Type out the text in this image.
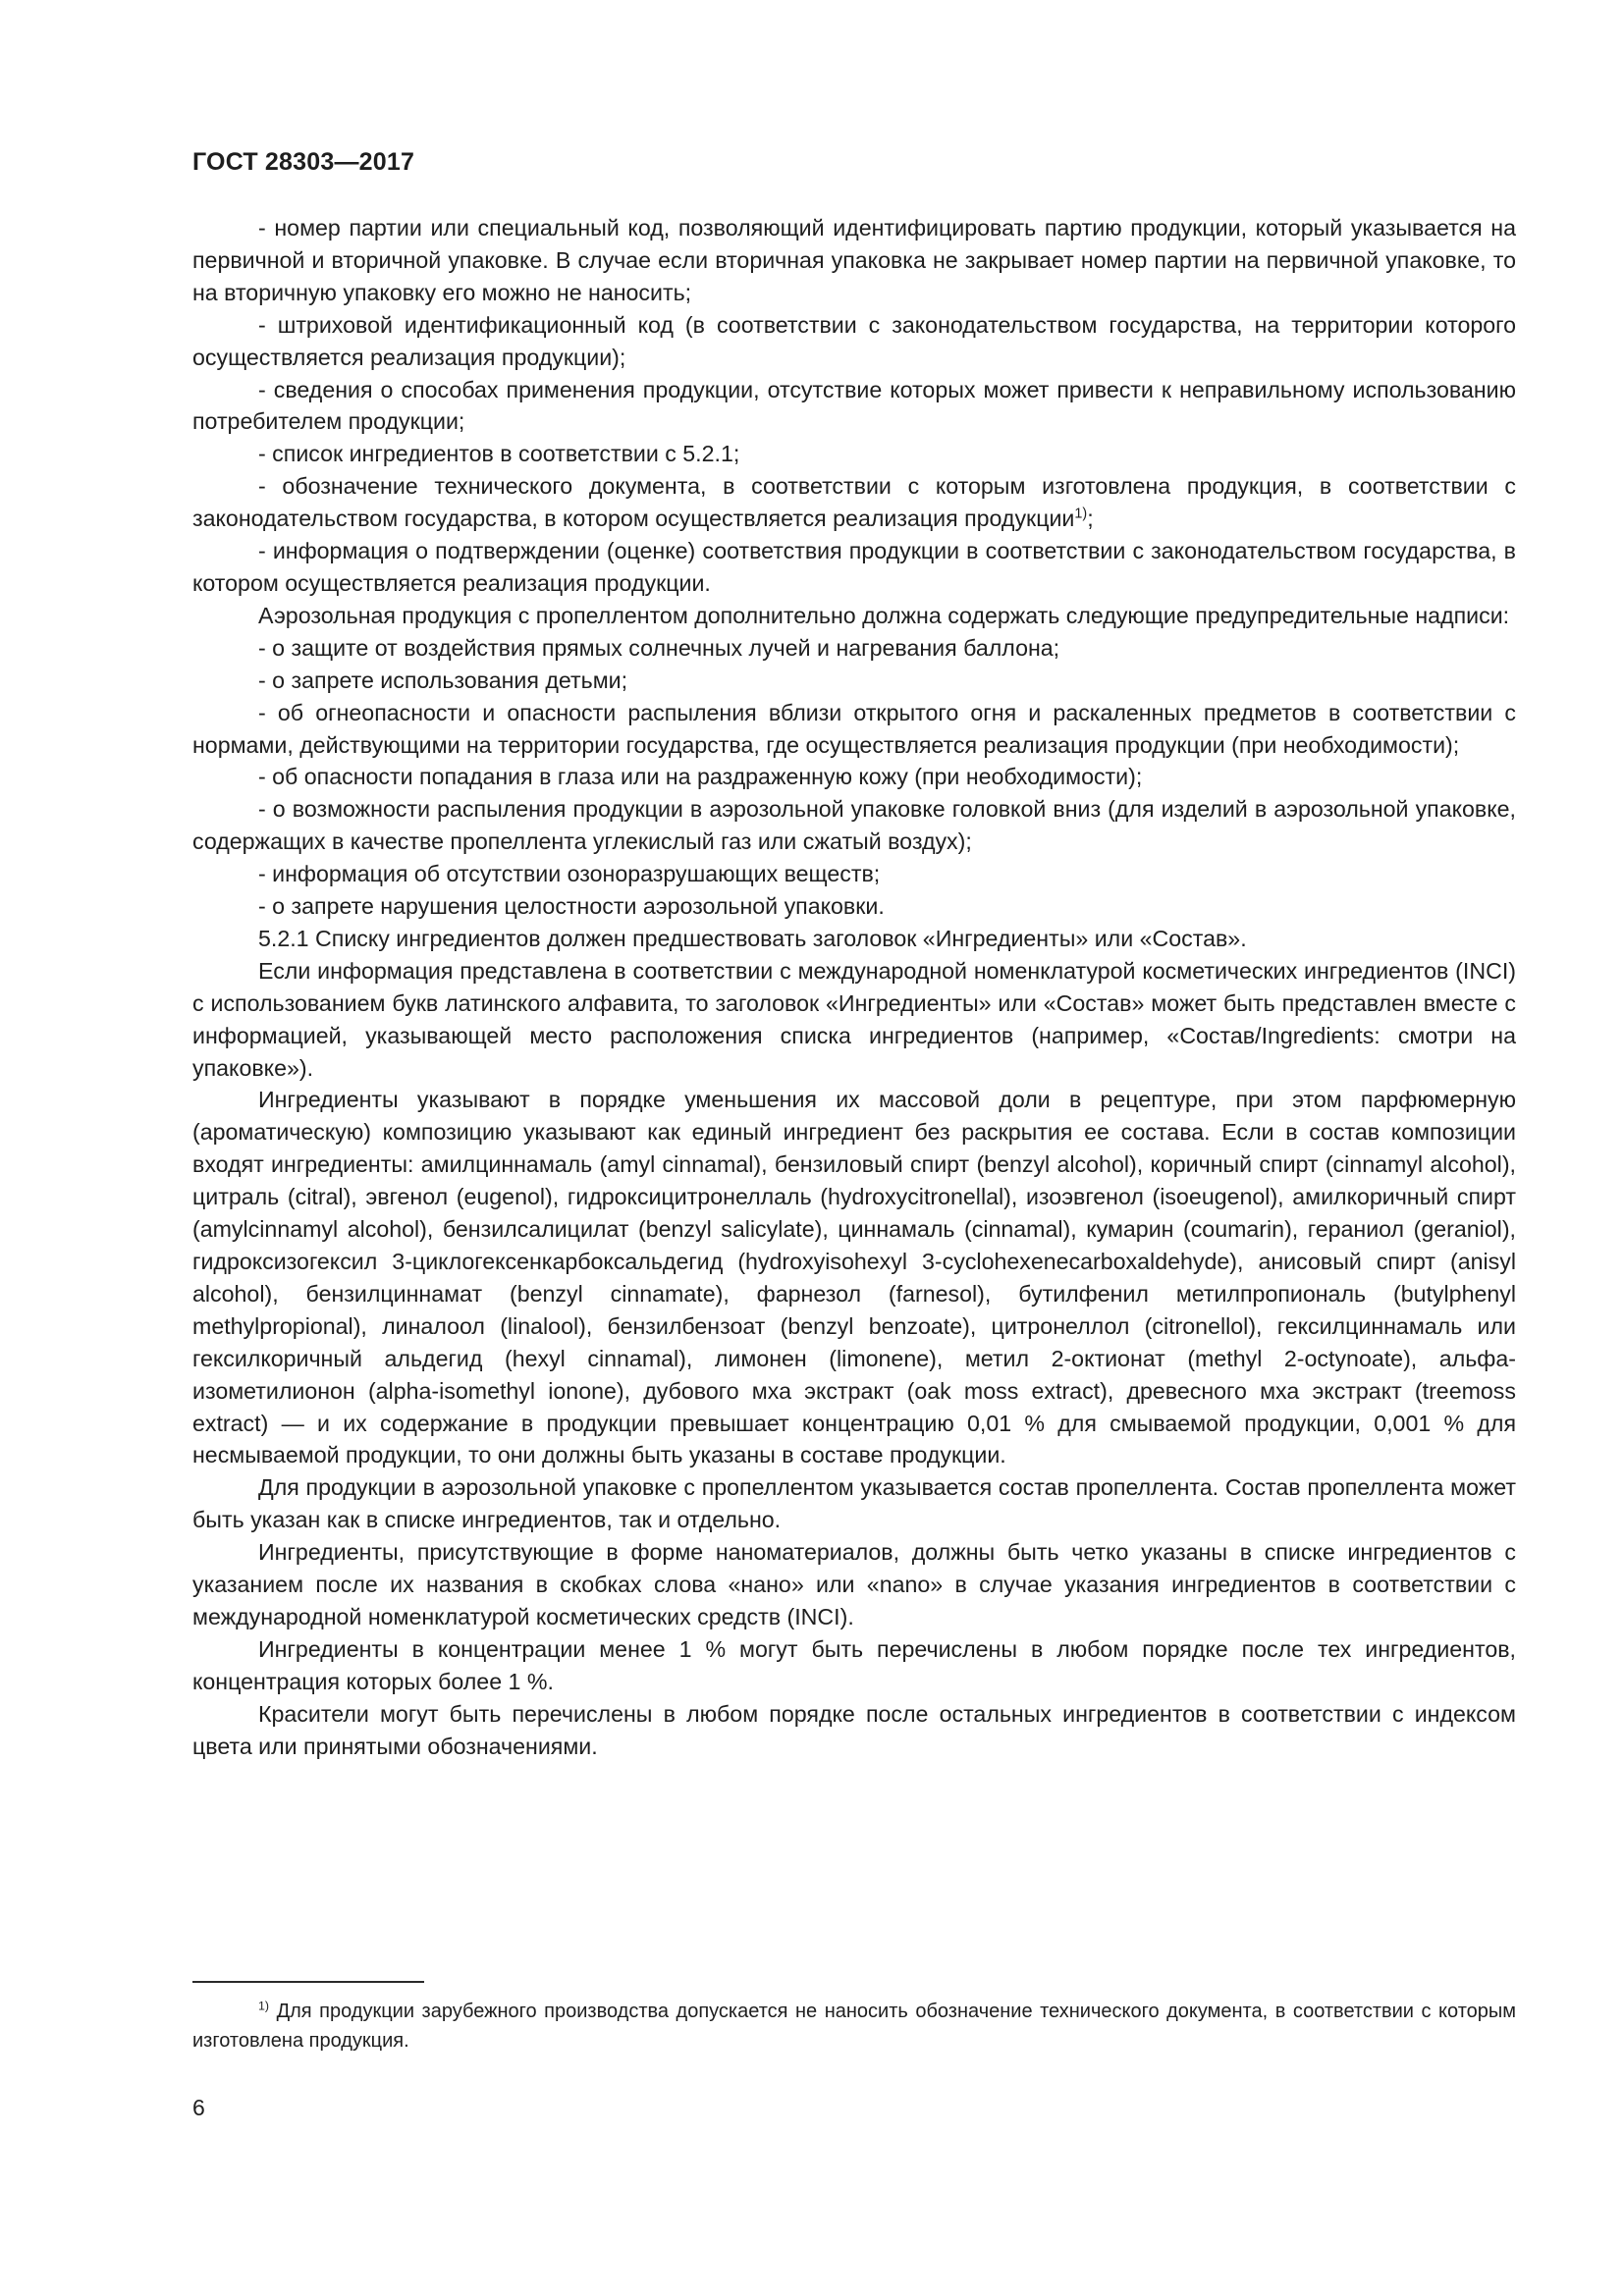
ГОСТ 28303—2017

- номер партии или специальный код, позволяющий идентифицировать партию продукции, который указывается на первичной и вторичной упаковке. В случае если вторичная упаковка не закрывает номер партии на первичной упаковке, то на вторичную упаковку его можно не наносить;

- штриховой идентификационный код (в соответствии с законодательством государства, на территории которого осуществляется реализация продукции);

- сведения о способах применения продукции, отсутствие которых может привести к неправильному использованию потребителем продукции;

- список ингредиентов в соответствии с 5.2.1;

- обозначение технического документа, в соответствии с которым изготовлена продукция, в соответствии с законодательством государства, в котором осуществляется реализация продукции$^{1)}$;

- информация о подтверждении (оценке) соответствия продукции в соответствии с законодательством государства, в котором осуществляется реализация продукции.

Аэрозольная продукция с пропеллентом дополнительно должна содержать следующие предупредительные надписи:

- о защите от воздействия прямых солнечных лучей и нагревания баллона;

- о запрете использования детьми;

- об огнеопасности и опасности распыления вблизи открытого огня и раскаленных предметов в соответствии с нормами, действующими на территории государства, где осуществляется реализация продукции (при необходимости);

- об опасности попадания в глаза или на раздраженную кожу (при необходимости);

- о возможности распыления продукции в аэрозольной упаковке головкой вниз (для изделий в аэрозольной упаковке, содержащих в качестве пропеллента углекислый газ или сжатый воздух);

- информация об отсутствии озоноразрушающих веществ;

- о запрете нарушения целостности аэрозольной упаковки.

5.2.1 Списку ингредиентов должен предшествовать заголовок «Ингредиенты» или «Состав».

Если информация представлена в соответствии с международной номенклатурой косметических ингредиентов (INCI) с использованием букв латинского алфавита, то заголовок «Ингредиенты» или «Состав» может быть представлен вместе с информацией, указывающей место расположения списка ингредиентов (например, «Состав/Ingredients: смотри на упаковке»).

Ингредиенты указывают в порядке уменьшения их массовой доли в рецептуре, при этом парфюмерную (ароматическую) композицию указывают как единый ингредиент без раскрытия ее состава. Если в состав композиции входят ингредиенты: амилциннамаль (amyl cinnamal), бензиловый спирт (benzyl alcohol), коричный спирт (cinnamyl alcohol), цитраль (citral), эвгенол (eugenol), гидроксицитронеллаль (hydroxycitronellal), изоэвгенол (isoeugenol), амилкоричный спирт (amylcinnamyl alcohol), бензилсалицилат (benzyl salicylate), циннамаль (cinnamal), кумарин (coumarin), гераниол (geraniol), гидроксизогексил 3-циклогексенкарбоксальдегид (hydroxyisohexyl 3-cyclohexenecarboxaldehyde), анисовый спирт (anisyl alcohol), бензилциннамат (benzyl cinnamate), фарнезол (farnesol), бутилфенил метилпропиональ (butylphenyl methylpropional), линалоол (linalool), бензилбензоат (benzyl benzoate), цитронеллол (citronellol), гексилциннамаль или гексилкоричный альдегид (hexyl cinnamal), лимонен (limonene), метил 2-октионат (methyl 2-octynoate), альфа-изометилионон (alpha-isomethyl ionone), дубового мха экстракт (oak moss extract), древесного мха экстракт (treemoss extract) — и их содержание в продукции превышает концентрацию 0,01 % для смываемой продукции, 0,001 % для несмываемой продукции, то они должны быть указаны в составе продукции.

Для продукции в аэрозольной упаковке с пропеллентом указывается состав пропеллента. Состав пропеллента может быть указан как в списке ингредиентов, так и отдельно.

Ингредиенты, присутствующие в форме наноматериалов, должны быть четко указаны в списке ингредиентов с указанием после их названия в скобках слова «нано» или «nano» в случае указания ингредиентов в соответствии с международной номенклатурой косметических средств (INCI).

Ингредиенты в концентрации менее 1 % могут быть перечислены в любом порядке после тех ингредиентов, концентрация которых более 1 %.

Красители могут быть перечислены в любом порядке после остальных ингредиентов в соответствии с индексом цвета или принятыми обозначениями.

$^{1)}$ Для продукции зарубежного производства допускается не наносить обозначение технического документа, в соответствии с которым изготовлена продукция.

6
